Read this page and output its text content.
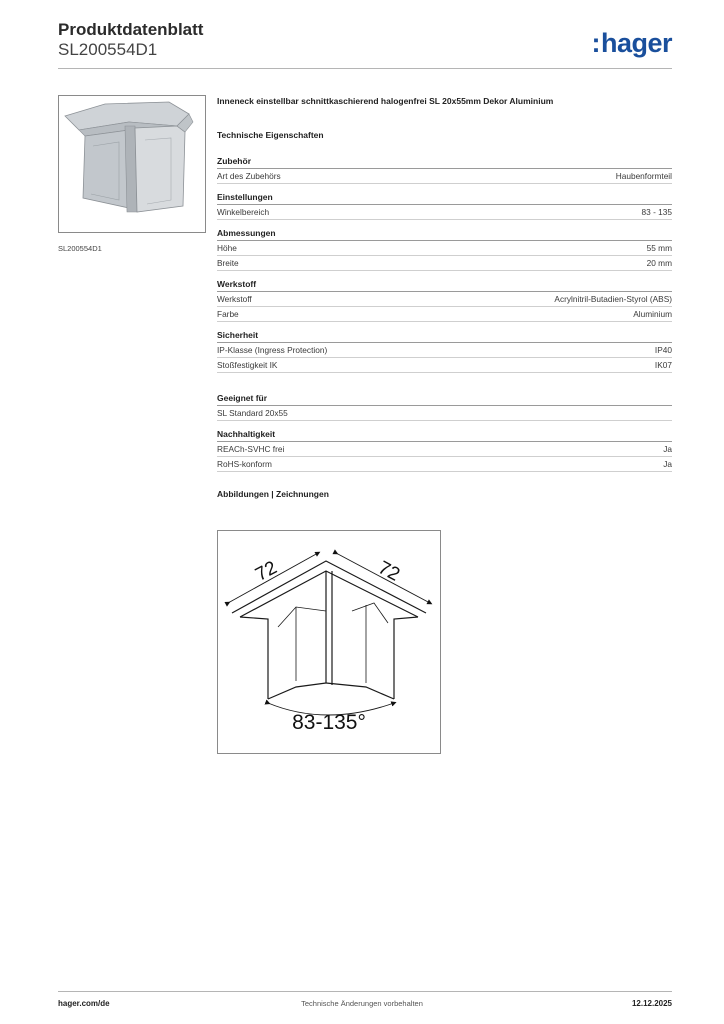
Produktdatenblatt
SL200554D1	:hager
SL200554D1
Inneneck einstellbar schnittkaschierend halogenfrei SL 20x55mm Dekor Aluminium
Technische Eigenschaften
Zubehör
Art des Zubehörs	Haubenformteil
Einstellungen
Winkelbereich	83 - 135
Abmessungen
Höhe	55 mm
Breite	20 mm
Werkstoff
Werkstoff	Acrylnitril-Butadien-Styrol (ABS)
Farbe	Aluminium
Sicherheit
IP-Klasse (Ingress Protection)	IP40
Stoßfestigkeit IK	IK07
Geeignet für
SL Standard 20x55
Nachhaltigkeit
REACh-SVHC frei	Ja
RoHS-konform	Ja
Abbildungen | Zeichnungen
72	72
83-135°
hager.com/de	Technische Änderungen vorbehalten	12.12.2025
